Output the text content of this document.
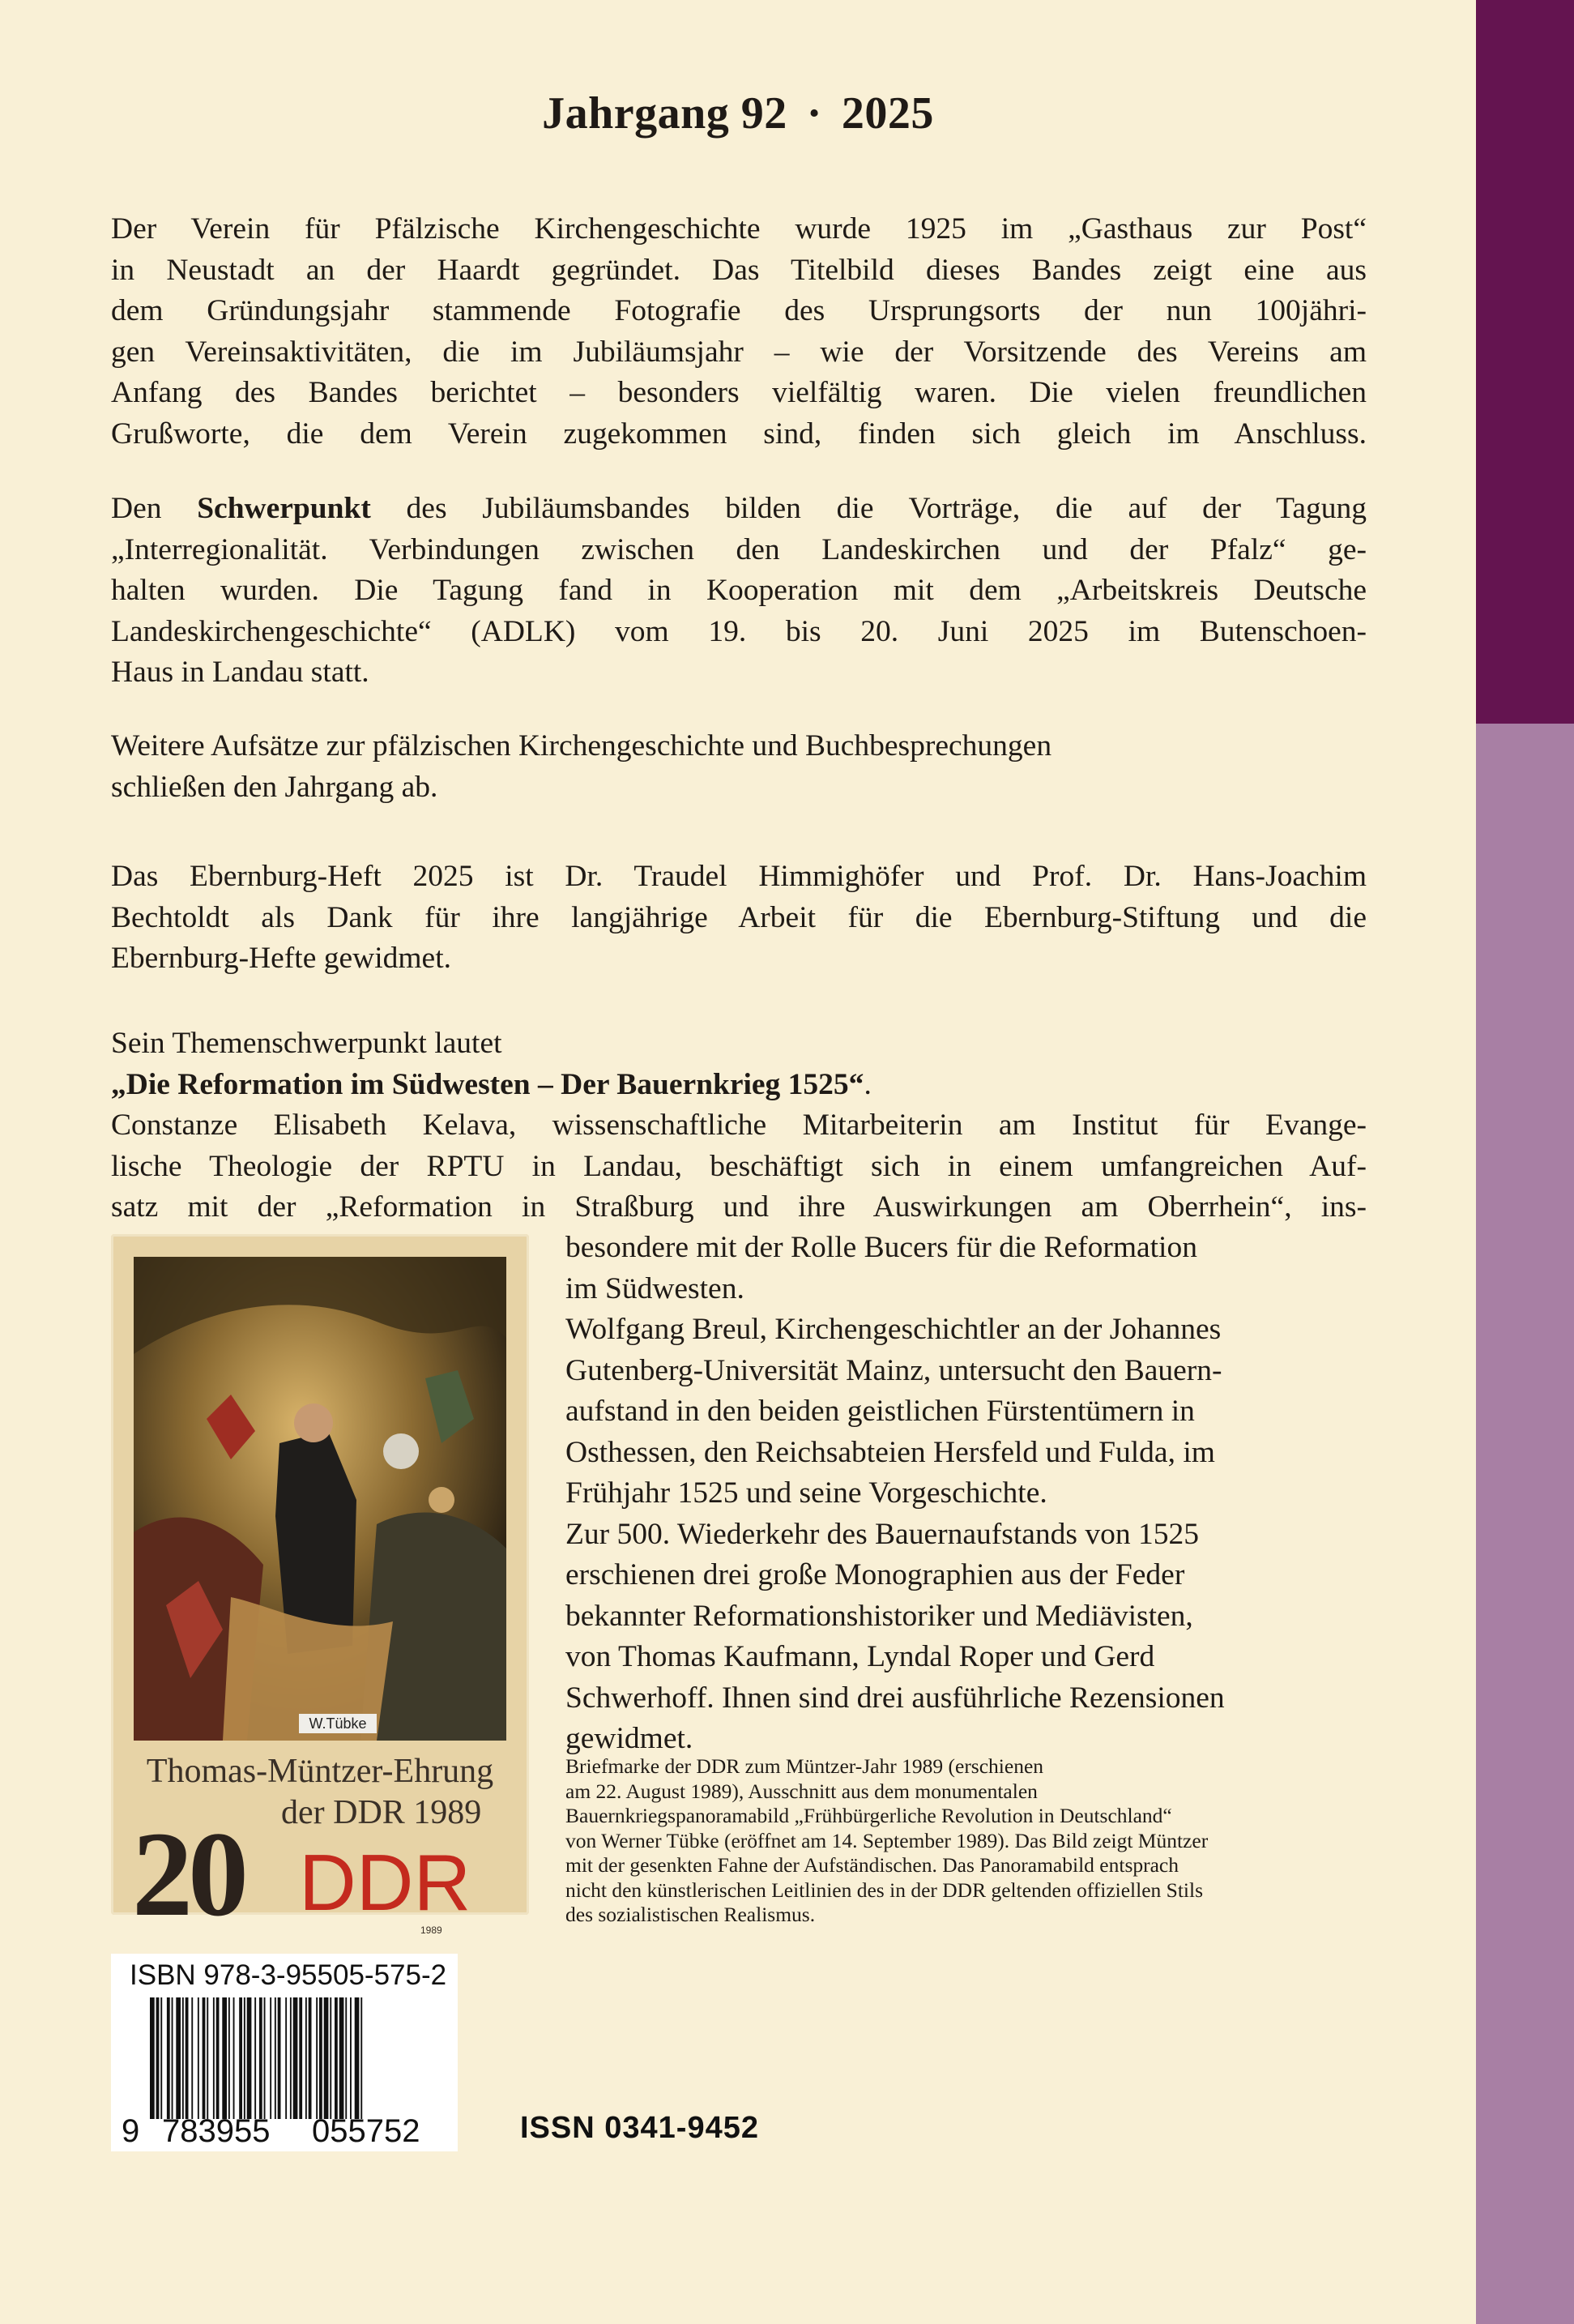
Jahrgang 92 · 2025
Der Verein für Pfälzische Kirchengeschichte wurde 1925 im „Gasthaus zur Post“
in Neustadt an der Haardt gegründet. Das Titelbild dieses Bandes zeigt eine aus
dem Gründungsjahr stammende Fotografie des Ursprungsorts der nun 100jähri-
gen Vereinsaktivitäten, die im Jubiläumsjahr – wie der Vorsitzende des Vereins am
Anfang des Bandes berichtet – besonders vielfältig waren. Die vielen freundlichen
Grußworte, die dem Verein zugekommen sind, finden sich gleich im Anschluss.
Den Schwerpunkt des Jubiläumsbandes bilden die Vorträge, die auf der Tagung
„Interregionalität. Verbindungen zwischen den Landeskirchen und der Pfalz“ ge-
halten wurden. Die Tagung fand in Kooperation mit dem „Arbeitskreis Deutsche
Landeskirchengeschichte“ (ADLK) vom 19. bis 20. Juni 2025 im Butenschoen-
Haus in Landau statt.
Weitere Aufsätze zur pfälzischen Kirchengeschichte und Buchbesprechungen
schließen den Jahrgang ab.
Das Ebernburg-Heft 2025 ist Dr. Traudel Himmighöfer und Prof. Dr. Hans-Joachim
Bechtoldt als Dank für ihre langjährige Arbeit für die Ebernburg-Stiftung und die
Ebernburg-Hefte gewidmet.
Sein Themenschwerpunkt lautet
„Die Reformation im Südwesten – Der Bauernkrieg 1525“.
Constanze Elisabeth Kelava, wissenschaftliche Mitarbeiterin am Institut für Evange-
lische Theologie der RPTU in Landau, beschäftigt sich in einem umfangreichen Auf-
satz mit der „Reformation in Straßburg und ihre Auswirkungen am Oberrhein“, ins-
besondere mit der Rolle Bucers für die Reformation
im Südwesten.
Wolfgang Breul, Kirchengeschichtler an der Johannes
Gutenberg-Universität Mainz, untersucht den Bauern-
aufstand in den beiden geistlichen Fürstentümern in
Osthessen, den Reichsabteien Hersfeld und Fulda, im
Frühjahr 1525 und seine Vorgeschichte.
Zur 500. Wiederkehr des Bauernaufstands von 1525
erschienen drei große Monographien aus der Feder
bekannter Reformationshistoriker und Mediävisten,
von Thomas Kaufmann, Lyndal Roper und Gerd
Schwerhoff. Ihnen sind drei ausführliche Rezensionen
gewidmet.
W.Tübke
Thomas-Müntzer-Ehrung
der DDR 1989
20 DDR
1989
Briefmarke der DDR zum Müntzer-Jahr 1989 (erschienen
am 22. August 1989), Ausschnitt aus dem monumentalen
Bauernkriegspanoramabild „Frühbürgerliche Revolution in Deutschland“
von Werner Tübke (eröffnet am 14. September 1989). Das Bild zeigt Müntzer
mit der gesenkten Fahne der Aufständischen. Das Panoramabild entsprach
nicht den künstlerischen Leitlinien des in der DDR geltenden offiziellen Stils
des sozialistischen Realismus.
ISBN 978-3-95505-575-2
9 783955 055752	ISSN 0341-9452
